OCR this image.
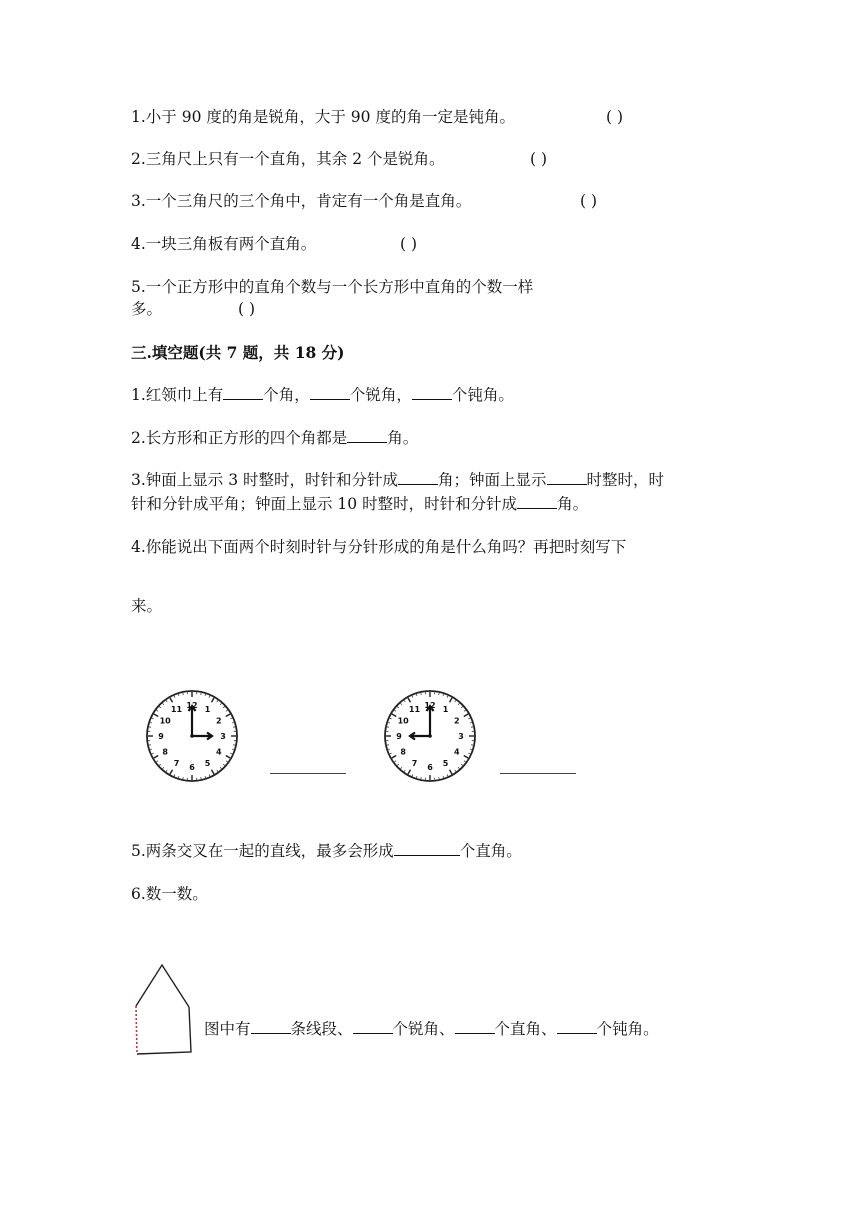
1.小于 90 度的角是锐角，大于 90 度的角一定是钝角。	( )
2.三角尺上只有一个直角，其余 2 个是锐角。	( )
3.一个三角尺的三个角中，肯定有一个角是直角。	( )
4.一块三角板有两个直角。	( )
5.一个正方形中的直角个数与一个长方形中直角的个数一样
多。	( )
三.填空题(共 7 题，共 18 分)
1.红领巾上有	个角，	个锐角，	个钝角。
2.长方形和正方形的四个角都是	角。
3.钟面上显示 3 时整时，时针和分针成	角；钟面上显示	时整时，时
针和分针成平角；钟面上显示 10 时整时，时针和分针成	角。
4.你能说出下面两个时刻时针与分针形成的角是什么角吗？再把时刻写下
来。
12 1
2
3
4
5
6
7
8
9
10
11	12 1
2
3
4
5
6
7
8
9
10
11
5.两条交叉在一起的直线，最多会形成	个直角。
6.数一数。
图中有	条线段、	个锐角、	个直角、	个钝角。
